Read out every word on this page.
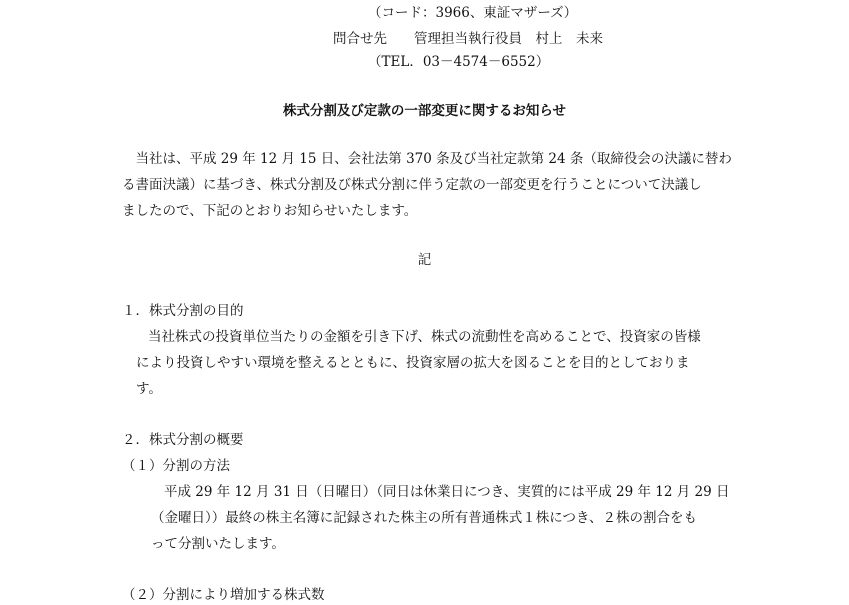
（コード：3966、東証マザーズ）
問合せ先　　管理担当執行役員　村上　未来
（TEL．03－4574－6552）
株式分割及び定款の一部変更に関するお知らせ
　当社は、平成 29 年 12 月 15 日、会社法第 370 条及び当社定款第 24 条（取締役会の決議に替わ
る書面決議）に基づき、株式分割及び株式分割に伴う定款の一部変更を行うことについて決議し
ましたので、下記のとおりお知らせいたします。
記
１．株式分割の目的
当社株式の投資単位当たりの金額を引き下げ、株式の流動性を高めることで、投資家の皆様
により投資しやすい環境を整えるとともに、投資家層の拡大を図ることを目的としておりま
す。
２．株式分割の概要
（１）分割の方法
平成 29 年 12 月 31 日（日曜日）（同日は休業日につき、実質的には平成 29 年 12 月 29 日
（金曜日））最終の株主名簿に記録された株主の所有普通株式１株につき、２株の割合をも
って分割いたします。
（２）分割により増加する株式数
